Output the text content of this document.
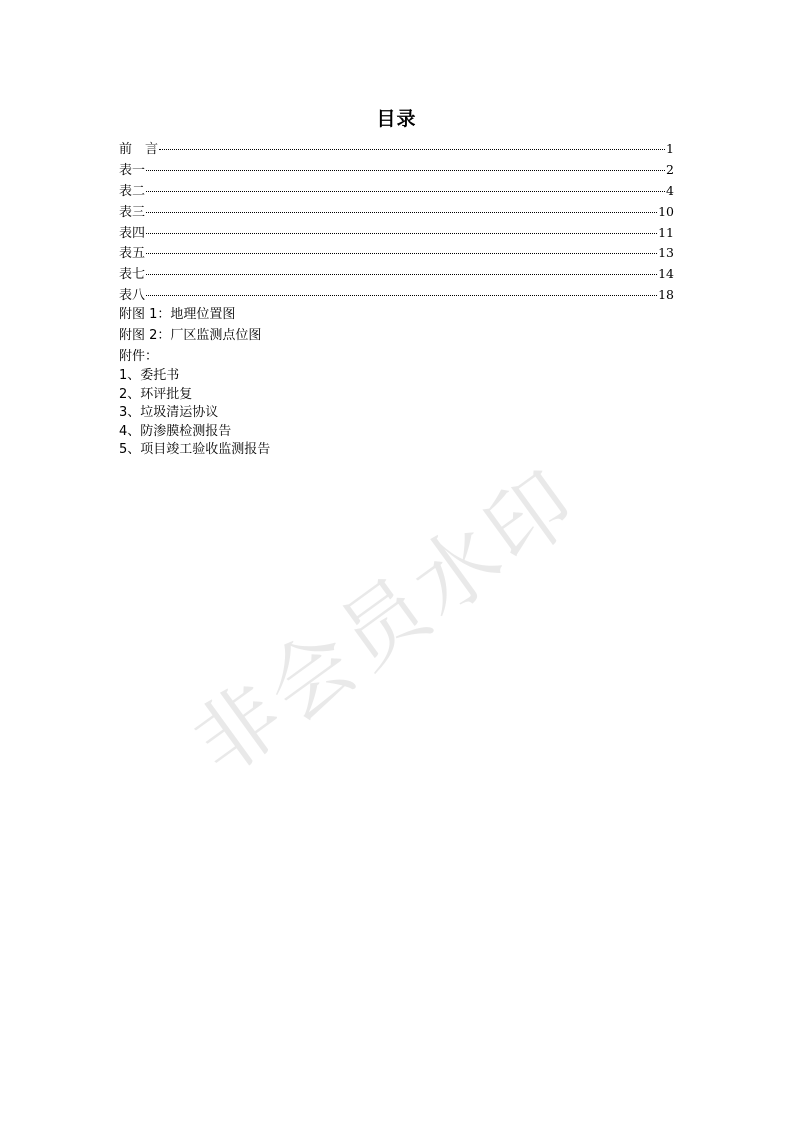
目录
前　言	1
表一	2
表二	4
表三	10
表四	11
表五	13
表七	14
表八	18
附图 1：地理位置图
附图 2：厂区监测点位图
附件：
1、委托书
2、环评批复
3、垃圾清运协议
4、防渗膜检测报告
5、项目竣工验收监测报告
非会员水印
